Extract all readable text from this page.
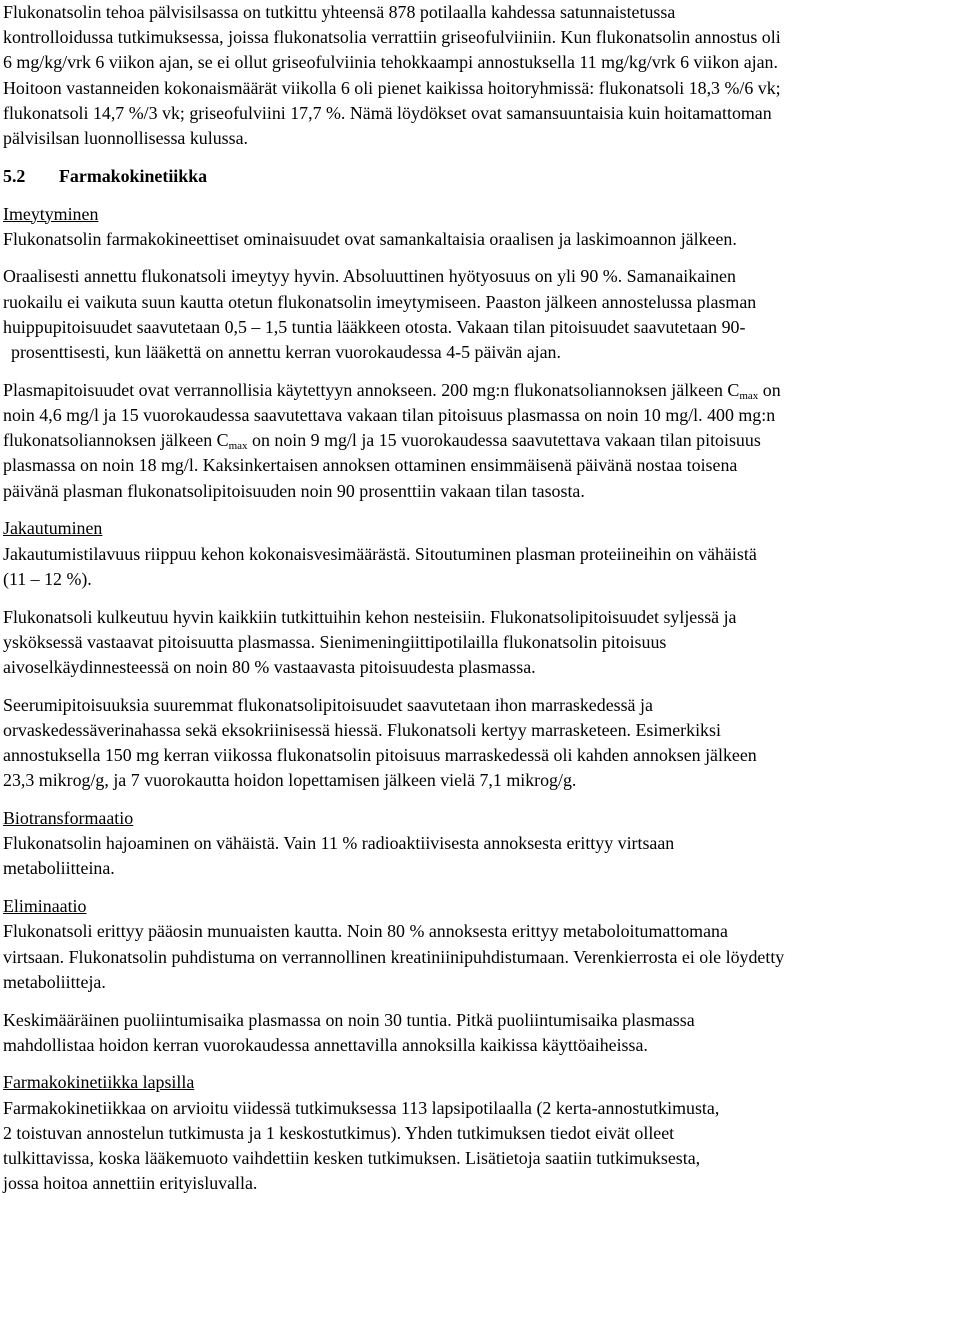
Flukonatsolin tehoa pälvisilsassa on tutkittu yhteensä 878 potilaalla kahdessa satunnaistetussa
kontrolloidussa tutkimuksessa, joissa flukonatsolia verrattiin griseofulviiniin. Kun flukonatsolin annostus oli
6 mg/kg/vrk 6 viikon ajan, se ei ollut griseofulviinia tehokkaampi annostuksella 11 mg/kg/vrk 6 viikon ajan.
Hoitoon vastanneiden kokonaismäärät viikolla 6 oli pienet kaikissa hoitoryhmissä: flukonatsoli 18,3 %/6 vk;
flukonatsoli 14,7 %/3 vk; griseofulviini 17,7 %. Nämä löydökset ovat samansuuntaisia kuin hoitamattoman
pälvisilsan luonnollisessa kulussa.
5.2 Farmakokinetiikka
Imeytyminen
Flukonatsolin farmakokineettiset ominaisuudet ovat samankaltaisia oraalisen ja laskimoannon jälkeen.
Oraalisesti annettu flukonatsoli imeytyy hyvin. Absoluuttinen hyötyosuus on yli 90 %. Samanaikainen
ruokailu ei vaikuta suun kautta otetun flukonatsolin imeytymiseen. Paaston jälkeen annostelussa plasman
huippupitoisuudet saavutetaan 0,5 – 1,5 tuntia lääkkeen otosta. Vakaan tilan pitoisuudet saavutetaan 90-
prosenttisesti, kun lääkettä on annettu kerran vuorokaudessa 4-5 päivän ajan.
Plasmapitoisuudet ovat verrannollisia käytettyyn annokseen. 200 mg:n flukonatsoliannoksen jälkeen $C_{max}$ on
noin 4,6 mg/l ja 15 vuorokaudessa saavutettava vakaan tilan pitoisuus plasmassa on noin 10 mg/l. 400 mg:n
flukonatsoliannoksen jälkeen $C_{max}$ on noin 9 mg/l ja 15 vuorokaudessa saavutettava vakaan tilan pitoisuus
plasmassa on noin 18 mg/l. Kaksinkertaisen annoksen ottaminen ensimmäisenä päivänä nostaa toisena
päivänä plasman flukonatsolipitoisuuden noin 90 prosenttiin vakaan tilan tasosta.
Jakautuminen
Jakautumistilavuus riippuu kehon kokonaisvesimäärästä. Sitoutuminen plasman proteiineihin on vähäistä
(11 – 12 %).
Flukonatsoli kulkeutuu hyvin kaikkiin tutkittuihin kehon nesteisiin. Flukonatsolipitoisuudet syljessä ja
ysköksessä vastaavat pitoisuutta plasmassa. Sienimeningiittipotilailla flukonatsolin pitoisuus
aivoselkäydinnesteessä on noin 80 % vastaavasta pitoisuudesta plasmassa.
Seerumipitoisuuksia suuremmat flukonatsolipitoisuudet saavutetaan ihon marraskedessä ja
orvaskedessäverinahassa sekä eksokriinisessä hiessä. Flukonatsoli kertyy marrasketeen. Esimerkiksi
annostuksella 150 mg kerran viikossa flukonatsolin pitoisuus marraskedessä oli kahden annoksen jälkeen
23,3 mikrog/g, ja 7 vuorokautta hoidon lopettamisen jälkeen vielä 7,1 mikrog/g.
Biotransformaatio
Flukonatsolin hajoaminen on vähäistä. Vain 11 % radioaktiivisesta annoksesta erittyy virtsaan
metaboliitteina.
Eliminaatio
Flukonatsoli erittyy pääosin munuaisten kautta. Noin 80 % annoksesta erittyy metaboloitumattomana
virtsaan. Flukonatsolin puhdistuma on verrannollinen kreatiniinipuhdistumaan. Verenkierrosta ei ole löydetty
metaboliitteja.
Keskimääräinen puoliintumisaika plasmassa on noin 30 tuntia. Pitkä puoliintumisaika plasmassa
mahdollistaa hoidon kerran vuorokaudessa annettavilla annoksilla kaikissa käyttöaiheissa.
Farmakokinetiikka lapsilla
Farmakokinetiikkaa on arvioitu viidessä tutkimuksessa 113 lapsipotilaalla (2 kerta-annostutkimusta,
2 toistuvan annostelun tutkimusta ja 1 keskostutkimus). Yhden tutkimuksen tiedot eivät olleet
tulkittavissa, koska lääkemuoto vaihdettiin kesken tutkimuksen. Lisätietoja saatiin tutkimuksesta,
jossa hoitoa annettiin erityisluvalla.
